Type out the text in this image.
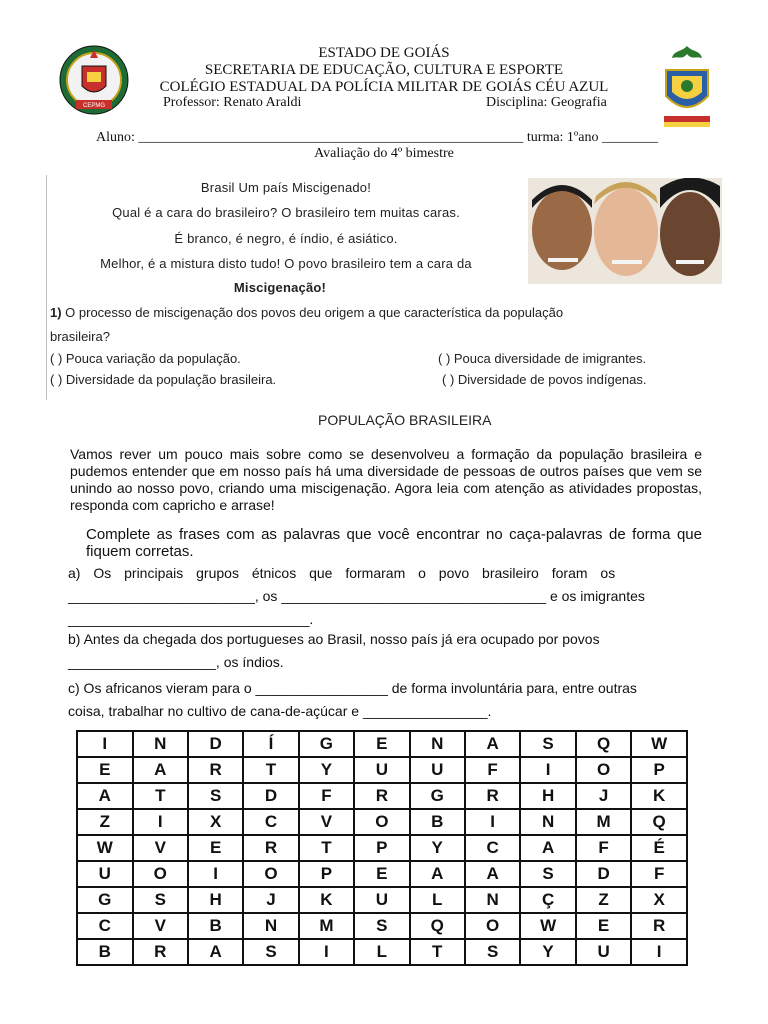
CEPMG
ESTADO DE GOIÁS
SECRETARIA DE EDUCAÇÃO, CULTURA E ESPORTE
COLÉGIO ESTADUAL DA POLÍCIA MILITAR DE GOIÁS CÉU AZUL
Professor: Renato Araldi	Disciplina: Geografia
Aluno: _______________________________________________________ turma: 1ºano ________
Avaliação do 4º bimestre
Brasil Um país Miscigenado!
Qual é a cara do brasileiro? O brasileiro tem muitas caras.
É branco, é negro, é índio, é asiático.
Melhor, é a mistura disto tudo! O povo brasileiro tem a cara da
Miscigenação!
1) O processo de miscigenação dos povos deu origem a que característica da população
brasileira?
( ) Pouca variação da população.	( ) Pouca diversidade de imigrantes.
( ) Diversidade da população brasileira.	( ) Diversidade de povos indígenas.
POPULAÇÃO BRASILEIRA
Vamos rever um pouco mais sobre como se desenvolveu a formação da população brasileira e pudemos entender que em nosso país há uma diversidade de pessoas de outros países que vem se unindo ao nosso povo, criando uma miscigenação. Agora leia com atenção as atividades propostas, responda com capricho e arrase!
Complete as frases com as palavras que você encontrar no caça-palavras de forma que fiquem corretas.
a) Os principais grupos étnicos que formaram o povo brasileiro foram os
________________________, os __________________________________ e os imigrantes
_______________________________.
b) Antes da chegada dos portugueses ao Brasil, nosso país já era ocupado por povos
___________________, os índios.
c) Os africanos vieram para o _________________ de forma involuntária para, entre outras
coisa, trabalhar no cultivo de cana-de-açúcar e ________________.
I	N	D	Í	G	E	N	A	S	Q	W
E	A	R	T	Y	U	U	F	I	O	P
A	T	S	D	F	R	G	R	H	J	K
Z	I	X	C	V	O	B	I	N	M	Q
W	V	E	R	T	P	Y	C	A	F	É
U	O	I	O	P	E	A	A	S	D	F
G	S	H	J	K	U	L	N	Ç	Z	X
C	V	B	N	M	S	Q	O	W	E	R
B	R	A	S	I	L	T	S	Y	U	I
